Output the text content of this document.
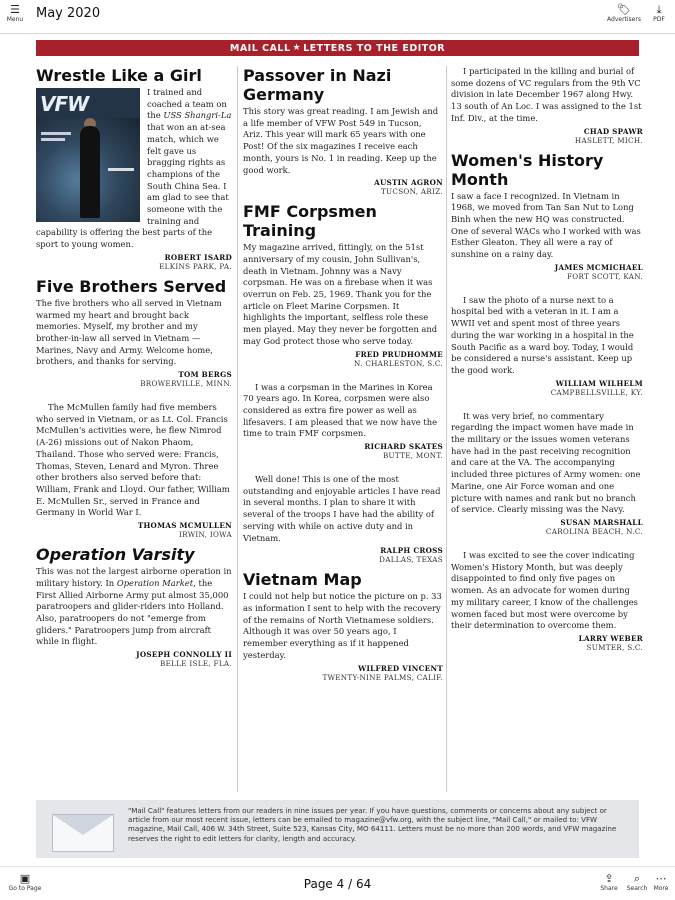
☰
Menu May 2020	🏷
Advertisers
⤓
PDF
MAIL CALL ★ LETTERS TO THE EDITOR
Wrestle Like a Girl
VFW	I trained and coached a team on the USS Shangri-La that won an at-sea match, which we felt gave us bragging rights as champions of the South China Sea. I am glad to see that someone with the training and capability is offering the best parts of the sport to young women.

ROBERT ISARD
ELKINS PARK, PA.
Five Brothers Served

The five brothers who all served in Vietnam warmed my heart and brought back memories. Myself, my brother and my brother-in-law all served in Vietnam — Marines, Navy and Army. Welcome home, brothers, and thanks for serving.

TOM BERGS
BROWERVILLE, MINN.

The McMullen family had five members who served in Vietnam, or as Lt. Col. Francis McMullen's activities were, he flew Nimrod (A-26) missions out of Nakon Phaom, Thailand. Those who served were: Francis, Thomas, Steven, Lenard and Myron. Three other brothers also served before that: William, Frank and Lloyd. Our father, William E. McMullen Sr., served in France and Germany in World War I.

THOMAS MCMULLEN
IRWIN, IOWA
Operation Varsity

This was not the largest airborne operation in military history. In Operation Market, the First Allied Airborne Army put almost 35,000 paratroopers and glider-riders into Holland. Also, paratroopers do not "emerge from gliders." Paratroopers jump from aircraft while in flight.

JOSEPH CONNOLLY II
BELLE ISLE, FLA.
Passover in Nazi Germany

This story was great reading. I am Jewish and a life member of VFW Post 549 in Tucson, Ariz. This year will mark 65 years with one Post! Of the six magazines I receive each month, yours is No. 1 in reading. Keep up the good work.

AUSTIN AGRON
TUCSON, ARIZ.
FMF Corpsmen Training

My magazine arrived, fittingly, on the 51st anniversary of my cousin, John Sullivan's, death in Vietnam. Johnny was a Navy corpsman. He was on a firebase when it was overrun on Feb. 25, 1969. Thank you for the article on Fleet Marine Corpsmen. It highlights the important, selfless role these men played. May they never be forgotten and may God protect those who serve today.

FRED PRUDHOMME
N. CHARLESTON, S.C.

I was a corpsman in the Marines in Korea 70 years ago. In Korea, corpsmen were also considered as extra fire power as well as lifesavers. I am pleased that we now have the time to train FMF corpsmen.

RICHARD SKATES
BUTTE, MONT.

Well done! This is one of the most outstanding and enjoyable articles I have read in several months. I plan to share it with several of the troops I have had the ability of serving with while on active duty and in Vietnam.

RALPH CROSS
DALLAS, TEXAS
Vietnam Map

I could not help but notice the picture on p. 33 as information I sent to help with the recovery of the remains of North Vietnamese soldiers. Although it was over 50 years ago, I remember everything as if it happened yesterday.

WILFRED VINCENT
TWENTY-NINE PALMS, CALIF.

I participated in the killing and burial of some dozens of VC regulars from the 9th VC division in late December 1967 along Hwy. 13 south of An Loc. I was assigned to the 1st Inf. Div., at the time.

CHAD SPAWR
HASLETT, MICH.
Women's History Month

I saw a face I recognized. In Vietnam in 1968, we moved from Tan San Nut to Long Binh when the new HQ was constructed. One of several WACs who I worked with was Esther Gleaton. They all were a ray of sunshine on a rainy day.

JAMES MCMICHAEL
FORT SCOTT, KAN.

I saw the photo of a nurse next to a hospital bed with a veteran in it. I am a WWII vet and spent most of three years during the war working in a hospital in the South Pacific as a ward boy. Today, I would be considered a nurse's assistant. Keep up the good work.

WILLIAM WILHELM
CAMPBELLSVILLE, KY.

It was very brief, no commentary regarding the impact women have made in the military or the issues women veterans have had in the past receiving recognition and care at the VA. The accompanying included three pictures of Army women: one Marine, one Air Force woman and one picture with names and rank but no branch of service. Clearly missing was the Navy.

SUSAN MARSHALL
CAROLINA BEACH, N.C.

I was excited to see the cover indicating Women's History Month, but was deeply disappointed to find only five pages on women. As an advocate for women during my military career, I know of the challenges women faced but most were overcome by their determination to overcome them.

LARRY WEBER
SUMTER, S.C.
"Mail Call" features letters from our readers in nine issues per year. If you have questions, comments or concerns about any subject or article from our most recent issue, letters can be emailed to magazine@vfw.org, with the subject line, "Mail Call," or mailed to: VFW magazine, Mail Call, 406 W. 34th Street, Suite 523, Kansas City, MO 64111. Letters must be no more than 200 words, and VFW magazine reserves the right to edit letters for clarity, length and accuracy.
▣
Go to Page	Page 4 / 64	⇪
Share
⌕
Search
⋯
More
